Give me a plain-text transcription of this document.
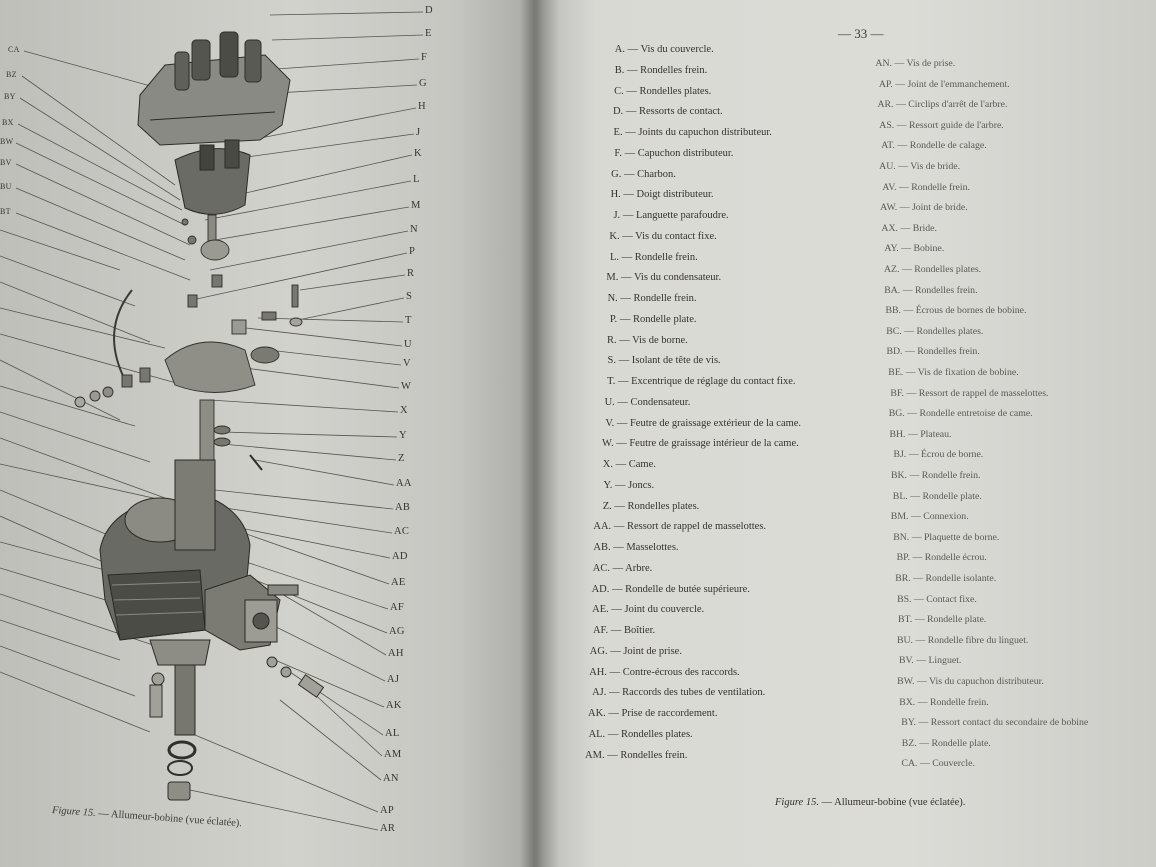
D
E
F
G
H
J
K
L
M
N
P
R
S
T
U
V
W
X
Y
Z
AA
AB
AC
AD
AE
AF
AG
AH
AJ
AK
AL
AM
AN
AP
AR
CA
BZ
BY
BX
BW
BV
BU
BT
Figure 15. — Allumeur-bobine (vue éclatée).
— 33 —
A. — Vis du couvercle.
B. — Rondelles frein.
C. — Rondelles plates.
D. — Ressorts de contact.
E. — Joints du capuchon distributeur.
F. — Capuchon distributeur.
G. — Charbon.
H. — Doigt distributeur.
J. — Languette parafoudre.
K. — Vis du contact fixe.
L. — Rondelle frein.
M. — Vis du condensateur.
N. — Rondelle frein.
P. — Rondelle plate.
R. — Vis de borne.
S. — Isolant de tête de vis.
T. — Excentrique de réglage du contact fixe.
U. — Condensateur.
V. — Feutre de graissage extérieur de la came.
W. — Feutre de graissage intérieur de la came.
X. — Came.
Y. — Joncs.
Z. — Rondelles plates.
AA. — Ressort de rappel de masselottes.
AB. — Masselottes.
AC. — Arbre.
AD. — Rondelle de butée supérieure.
AE. — Joint du couvercle.
AF. — Boîtier.
AG. — Joint de prise.
AH. — Contre-écrous des raccords.
AJ. — Raccords des tubes de ventilation.
AK. — Prise de raccordement.
AL. — Rondelles plates.
AM. — Rondelles frein.
AN. — Vis de prise.
AP. — Joint de l'emmanchement.
AR. — Circlips d'arrêt de l'arbre.
AS. — Ressort guide de l'arbre.
AT. — Rondelle de calage.
AU. — Vis de bride.
AV. — Rondelle frein.
AW. — Joint de bride.
AX. — Bride.
AY. — Bobine.
AZ. — Rondelles plates.
BA. — Rondelles frein.
BB. — Écrous de bornes de bobine.
BC. — Rondelles plates.
BD. — Rondelles frein.
BE. — Vis de fixation de bobine.
BF. — Ressort de rappel de masselottes.
BG. — Rondelle entretoise de came.
BH. — Plateau.
BJ. — Écrou de borne.
BK. — Rondelle frein.
BL. — Rondelle plate.
BM. — Connexion.
BN. — Plaquette de borne.
BP. — Rondelle écrou.
BR. — Rondelle isolante.
BS. — Contact fixe.
BT. — Rondelle plate.
BU. — Rondelle fibre du linguet.
BV. — Linguet.
BW. — Vis du capuchon distributeur.
BX. — Rondelle frein.
BY. — Ressort contact du secondaire de bobine
BZ. — Rondelle plate.
CA. — Couvercle.
Figure 15. — Allumeur-bobine (vue éclatée).
